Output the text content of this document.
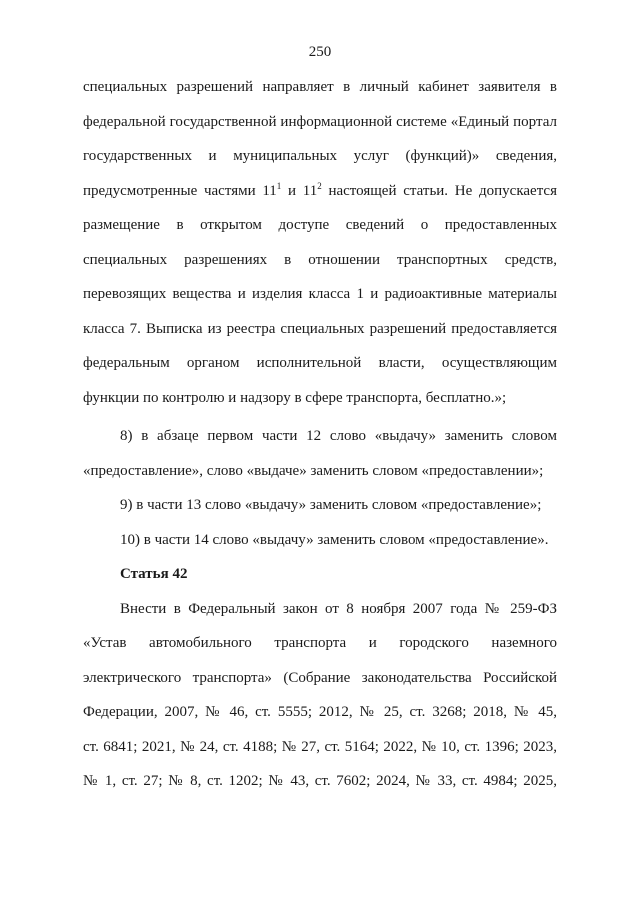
250
специальных разрешений направляет в личный кабинет заявителя в
федеральной государственной информационной системе «Единый портал
государственных и муниципальных услуг (функций)» сведения,
предусмотренные частями $11^1$ и $11^2$ настоящей статьи. Не допускается
размещение в открытом доступе сведений о предоставленных
специальных разрешениях в отношении транспортных средств,
перевозящих вещества и изделия класса 1 и радиоактивные материалы
класса 7. Выписка из реестра специальных разрешений предоставляется
федеральным органом исполнительной власти, осуществляющим
функции по контролю и надзору в сфере транспорта, бесплатно.»;
8) в абзаце первом части 12 слово «выдачу» заменить словом
«предоставление», слово «выдаче» заменить словом «предоставлении»;
9) в части 13 слово «выдачу» заменить словом «предоставление»;
10) в части 14 слово «выдачу» заменить словом «предоставление».
Статья 42
Внести в Федеральный закон от 8 ноября 2007 года № 259-ФЗ
«Устав автомобильного транспорта и городского наземного
электрического транспорта» (Собрание законодательства Российской
Федерации, 2007, № 46, ст. 5555; 2012, № 25, ст. 3268; 2018, № 45,
ст. 6841; 2021, № 24, ст. 4188; № 27, ст. 5164; 2022, № 10, ст. 1396; 2023,
№ 1, ст. 27; № 8, ст. 1202; № 43, ст. 7602; 2024, № 33, ст. 4984; 2025,
